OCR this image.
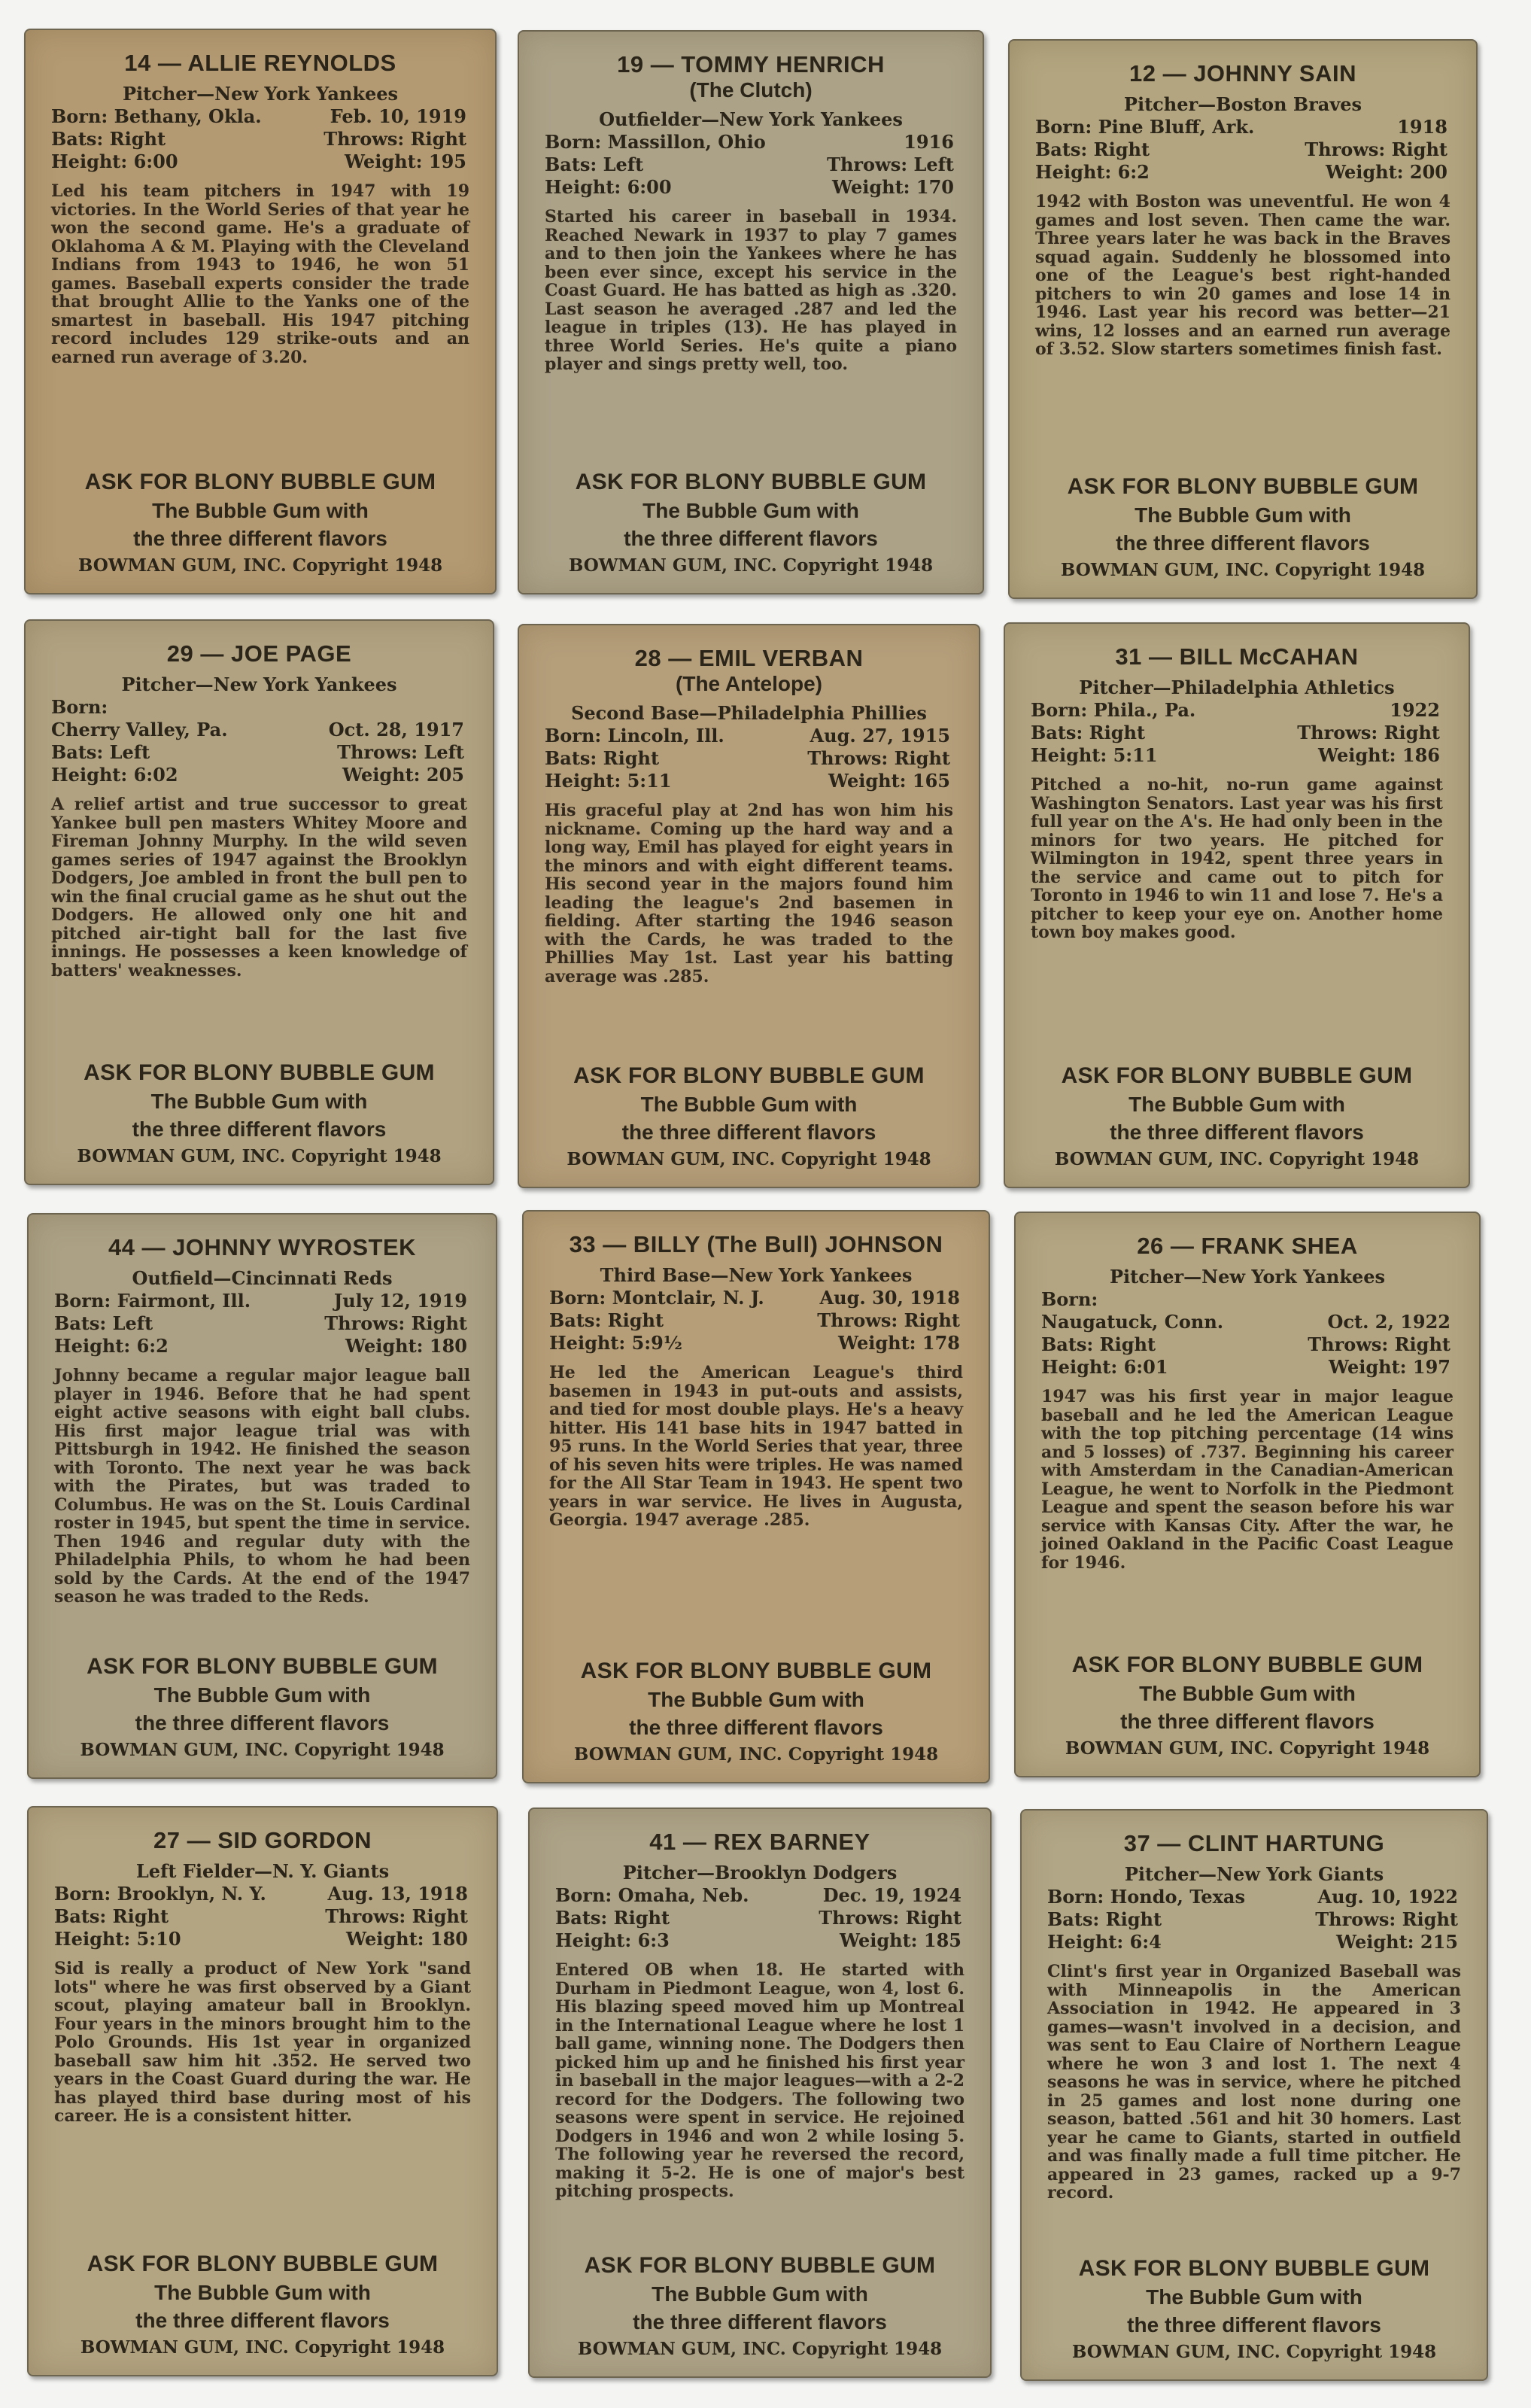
14 — ALLIE REYNOLDS
Pitcher—New York Yankees
Born: Bethany, Okla.	Feb. 10, 1919
Bats: Right	Throws: Right
Height: 6:00	Weight: 195
Led his team pitchers in 1947 with 19 victories. In the World Series of that year he won the second game. He's a graduate of Oklahoma A & M. Playing with the Cleveland Indians from 1943 to 1946, he won 51 games. Baseball experts consider the trade that brought Allie to the Yanks one of the smartest in baseball. His 1947 pitching record includes 129 strike-outs and an earned run average of 3.20.
ASK FOR BLONY BUBBLE GUM
The Bubble Gum with
the three different flavors
BOWMAN GUM, INC. Copyright 1948
19 — TOMMY HENRICH
(The Clutch)
Outfielder—New York Yankees
Born: Massillon, Ohio	1916
Bats: Left	Throws: Left
Height: 6:00	Weight: 170
Started his career in baseball in 1934. Reached Newark in 1937 to play 7 games and to then join the Yankees where he has been ever since, except his service in the Coast Guard. He has batted as high as .320. Last season he averaged .287 and led the league in triples (13). He has played in three World Series. He's quite a piano player and sings pretty well, too.
ASK FOR BLONY BUBBLE GUM
The Bubble Gum with
the three different flavors
BOWMAN GUM, INC. Copyright 1948
12 — JOHNNY SAIN
Pitcher—Boston Braves
Born: Pine Bluff, Ark.	1918
Bats: Right	Throws: Right
Height: 6:2	Weight: 200
1942 with Boston was uneventful. He won 4 games and lost seven. Then came the war. Three years later he was back in the Braves squad again. Suddenly he blossomed into one of the League's best right-handed pitchers to win 20 games and lose 14 in 1946. Last year his record was better—21 wins, 12 losses and an earned run average of 3.52. Slow starters sometimes finish fast.
ASK FOR BLONY BUBBLE GUM
The Bubble Gum with
the three different flavors
BOWMAN GUM, INC. Copyright 1948
29 — JOE PAGE
Pitcher—New York Yankees
Born:
Cherry Valley, Pa.	Oct. 28, 1917
Bats: Left	Throws: Left
Height: 6:02	Weight: 205
A relief artist and true successor to great Yankee bull pen masters Whitey Moore and Fireman Johnny Murphy. In the wild seven games series of 1947 against the Brooklyn Dodgers, Joe ambled in front the bull pen to win the final crucial game as he shut out the Dodgers. He allowed only one hit and pitched air-tight ball for the last five innings. He possesses a keen knowledge of batters' weaknesses.
ASK FOR BLONY BUBBLE GUM
The Bubble Gum with
the three different flavors
BOWMAN GUM, INC. Copyright 1948
28 — EMIL VERBAN
(The Antelope)
Second Base—Philadelphia Phillies
Born: Lincoln, Ill.	Aug. 27, 1915
Bats: Right	Throws: Right
Height: 5:11	Weight: 165
His graceful play at 2nd has won him his nickname. Coming up the hard way and a long way, Emil has played for eight years in the minors and with eight different teams. His second year in the majors found him leading the league's 2nd basemen in fielding. After starting the 1946 season with the Cards, he was traded to the Phillies May 1st. Last year his batting average was .285.
ASK FOR BLONY BUBBLE GUM
The Bubble Gum with
the three different flavors
BOWMAN GUM, INC. Copyright 1948
31 — BILL McCAHAN
Pitcher—Philadelphia Athletics
Born: Phila., Pa.	1922
Bats: Right	Throws: Right
Height: 5:11	Weight: 186
Pitched a no-hit, no-run game against Washington Senators. Last year was his first full year on the A's. He had only been in the minors for two years. He pitched for Wilmington in 1942, spent three years in the service and came out to pitch for Toronto in 1946 to win 11 and lose 7. He's a pitcher to keep your eye on. Another home town boy makes good.
ASK FOR BLONY BUBBLE GUM
The Bubble Gum with
the three different flavors
BOWMAN GUM, INC. Copyright 1948
44 — JOHNNY WYROSTEK
Outfield—Cincinnati Reds
Born: Fairmont, Ill.	July 12, 1919
Bats: Left	Throws: Right
Height: 6:2	Weight: 180
Johnny became a regular major league ball player in 1946. Before that he had spent eight active seasons with eight ball clubs. His first major league trial was with Pittsburgh in 1942. He finished the season with Toronto. The next year he was back with the Pirates, but was traded to Columbus. He was on the St. Louis Cardinal roster in 1945, but spent the time in service. Then 1946 and regular duty with the Philadelphia Phils, to whom he had been sold by the Cards. At the end of the 1947 season he was traded to the Reds.
ASK FOR BLONY BUBBLE GUM
The Bubble Gum with
the three different flavors
BOWMAN GUM, INC. Copyright 1948
33 — BILLY (The Bull) JOHNSON
Third Base—New York Yankees
Born: Montclair, N. J.	Aug. 30, 1918
Bats: Right	Throws: Right
Height: 5:9½	Weight: 178
He led the American League's third basemen in 1943 in put-outs and assists, and tied for most double plays. He's a heavy hitter. His 141 base hits in 1947 batted in 95 runs. In the World Series that year, three of his seven hits were triples. He was named for the All Star Team in 1943. He spent two years in war service. He lives in Augusta, Georgia. 1947 average .285.
ASK FOR BLONY BUBBLE GUM
The Bubble Gum with
the three different flavors
BOWMAN GUM, INC. Copyright 1948
26 — FRANK SHEA
Pitcher—New York Yankees
Born:
Naugatuck, Conn.	Oct. 2, 1922
Bats: Right	Throws: Right
Height: 6:01	Weight: 197
1947 was his first year in major league baseball and he led the American League with the top pitching percentage (14 wins and 5 losses) of .737. Beginning his career with Amsterdam in the Canadian-American League, he went to Norfolk in the Piedmont League and spent the season before his war service with Kansas City. After the war, he joined Oakland in the Pacific Coast League for 1946.
ASK FOR BLONY BUBBLE GUM
The Bubble Gum with
the three different flavors
BOWMAN GUM, INC. Copyright 1948
27 — SID GORDON
Left Fielder—N. Y. Giants
Born: Brooklyn, N. Y.	Aug. 13, 1918
Bats: Right	Throws: Right
Height: 5:10	Weight: 180
Sid is really a product of New York "sand lots" where he was first observed by a Giant scout, playing amateur ball in Brooklyn. Four years in the minors brought him to the Polo Grounds. His 1st year in organized baseball saw him hit .352. He served two years in the Coast Guard during the war. He has played third base during most of his career. He is a consistent hitter.
ASK FOR BLONY BUBBLE GUM
The Bubble Gum with
the three different flavors
BOWMAN GUM, INC. Copyright 1948
41 — REX BARNEY
Pitcher—Brooklyn Dodgers
Born: Omaha, Neb.	Dec. 19, 1924
Bats: Right	Throws: Right
Height: 6:3	Weight: 185
Entered OB when 18. He started with Durham in Piedmont League, won 4, lost 6. His blazing speed moved him up Montreal in the International League where he lost 1 ball game, winning none. The Dodgers then picked him up and he finished his first year in baseball in the major leagues—with a 2-2 record for the Dodgers. The following two seasons were spent in service. He rejoined Dodgers in 1946 and won 2 while losing 5. The following year he reversed the record, making it 5-2. He is one of major's best pitching prospects.
ASK FOR BLONY BUBBLE GUM
The Bubble Gum with
the three different flavors
BOWMAN GUM, INC. Copyright 1948
37 — CLINT HARTUNG
Pitcher—New York Giants
Born: Hondo, Texas	Aug. 10, 1922
Bats: Right	Throws: Right
Height: 6:4	Weight: 215
Clint's first year in Organized Baseball was with Minneapolis in the American Association in 1942. He appeared in 3 games—wasn't involved in a decision, and was sent to Eau Claire of Northern League where he won 3 and lost 1. The next 4 seasons he was in service, where he pitched in 25 games and lost none during one season, batted .561 and hit 30 homers. Last year he came to Giants, started in outfield and was finally made a full time pitcher. He appeared in 23 games, racked up a 9-7 record.
ASK FOR BLONY BUBBLE GUM
The Bubble Gum with
the three different flavors
BOWMAN GUM, INC. Copyright 1948
